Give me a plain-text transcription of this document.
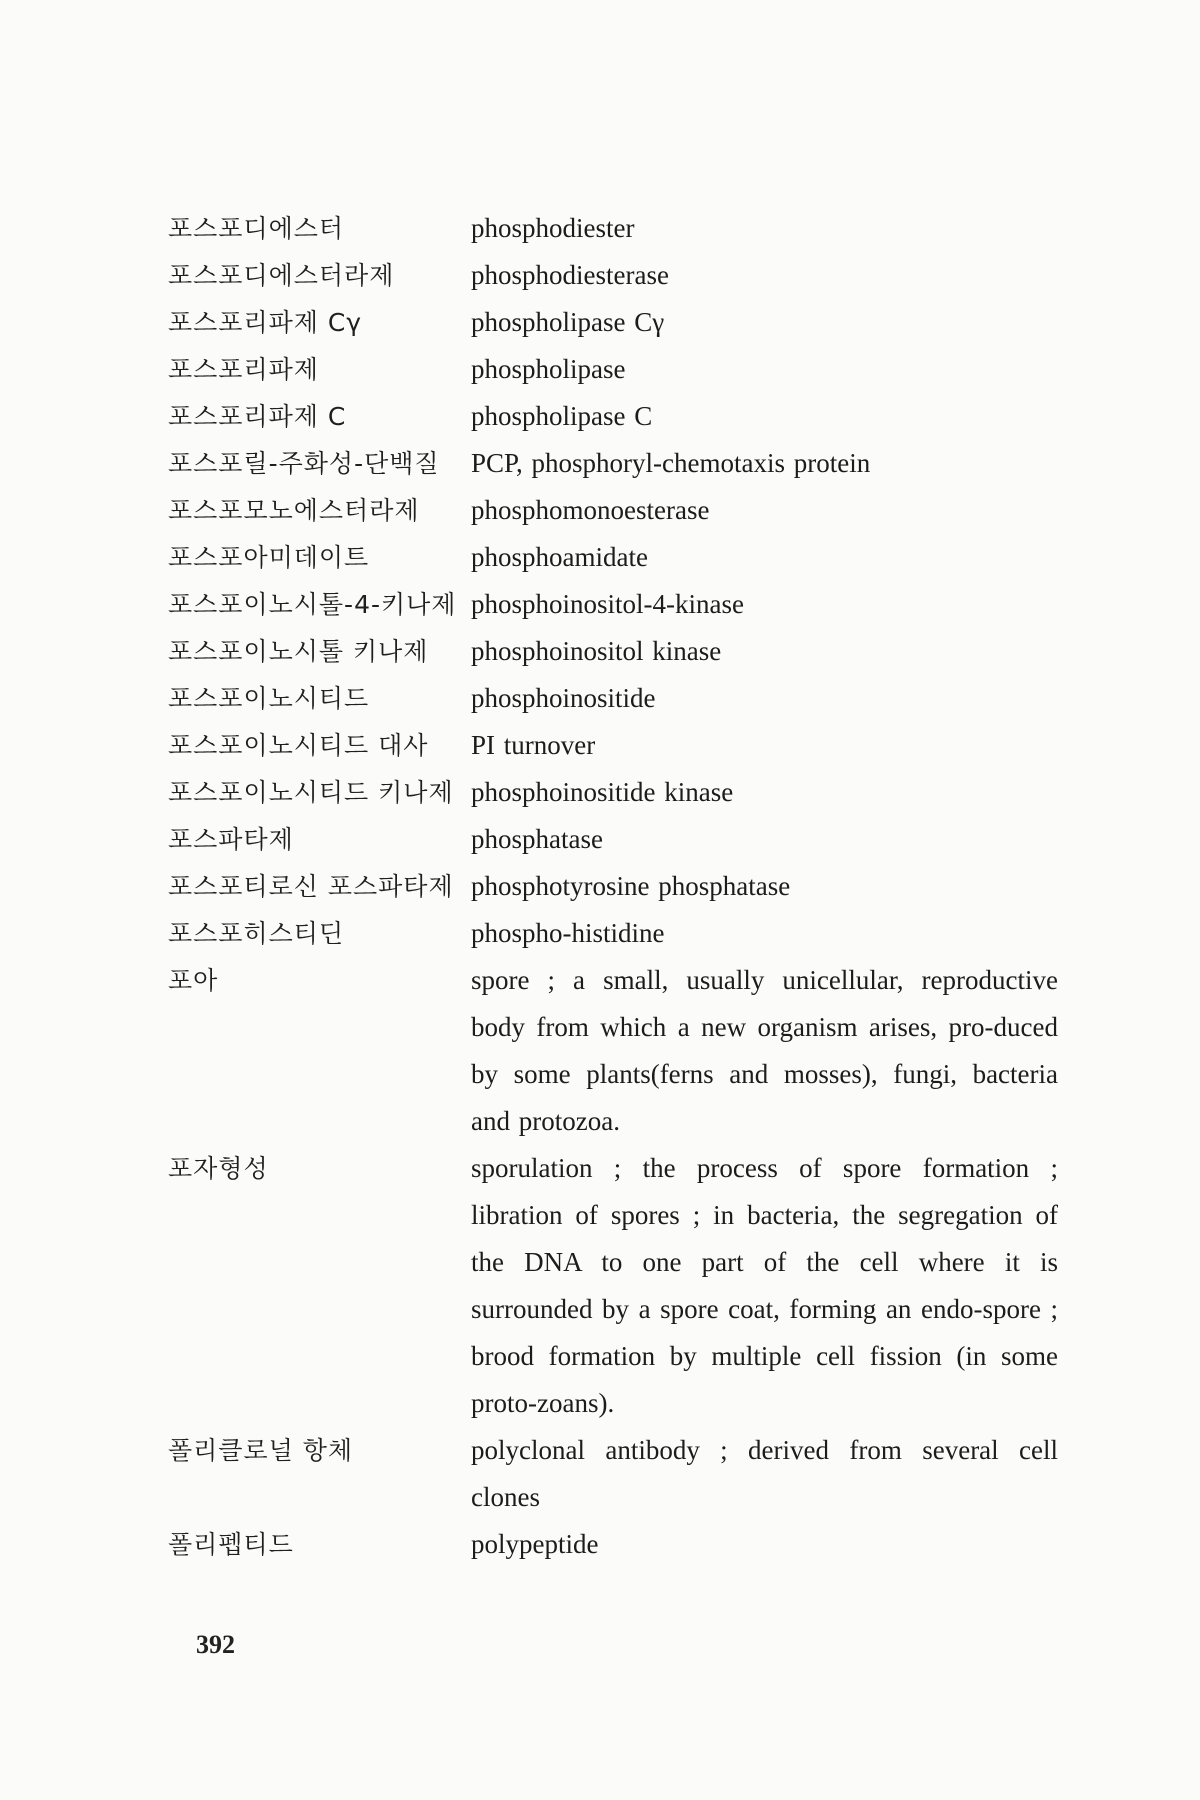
포스포디에스터	phosphodiester
포스포디에스터라제	phosphodiesterase
포스포리파제 Cγ	phospholipase Cγ
포스포리파제	phospholipase
포스포리파제 C	phospholipase C
포스포릴-주화성-단백질	PCP, phosphoryl-chemotaxis protein
포스포모노에스터라제	phosphomonoesterase
포스포아미데이트	phosphoamidate
포스포이노시톨-4-키나제 phosphoinositol-4-kinase
포스포이노시톨 키나제	phosphoinositol kinase
포스포이노시티드	phosphoinositide
포스포이노시티드 대사	PI turnover
포스포이노시티드 키나제 phosphoinositide kinase
포스파타제	phosphatase
포스포티로신 포스파타제 phosphotyrosine phosphatase
포스포히스티딘	phospho-histidine
포아	spore ; a small, usually unicellular, reproductive body from which a new organism arises, pro-duced by some plants(ferns and mosses), fungi, bacteria and protozoa.
포자형성	sporulation ; the process of spore formation ; libration of spores ; in bacteria, the segregation of the DNA to one part of the cell where it is surrounded by a spore coat, forming an endo-spore ; brood formation by multiple cell fission (in some proto-zoans).
폴리클로널 항체	polyclonal antibody ; derived from several cell clones
폴리펩티드	polypeptide
392
